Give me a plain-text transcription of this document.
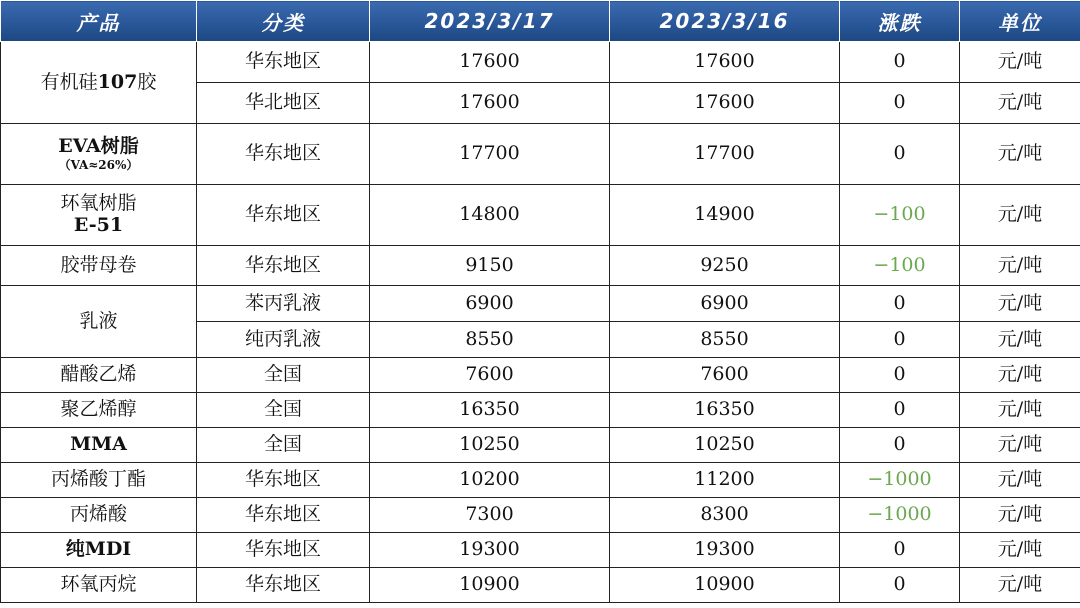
产品	分类	2023/3/17	2023/3/16	涨跌	单位
有机硅107胶	华东地区	17600	17600	0	元/吨
	华北地区	17600	17600	0	元/吨
EVA树脂
（VA≈26%）	华东地区	17700	17700	0	元/吨
环氧树脂
E-51	华东地区	14800	14900	−100	元/吨
胶带母卷	华东地区	9150	9250	−100	元/吨
乳液	苯丙乳液	6900	6900	0	元/吨
	纯丙乳液	8550	8550	0	元/吨
醋酸乙烯	全国	7600	7600	0	元/吨
聚乙烯醇	全国	16350	16350	0	元/吨
MMA	全国	10250	10250	0	元/吨
丙烯酸丁酯	华东地区	10200	11200	−1000	元/吨
丙烯酸	华东地区	7300	8300	−1000	元/吨
纯MDI	华东地区	19300	19300	0	元/吨
环氧丙烷	华东地区	10900	10900	0	元/吨
